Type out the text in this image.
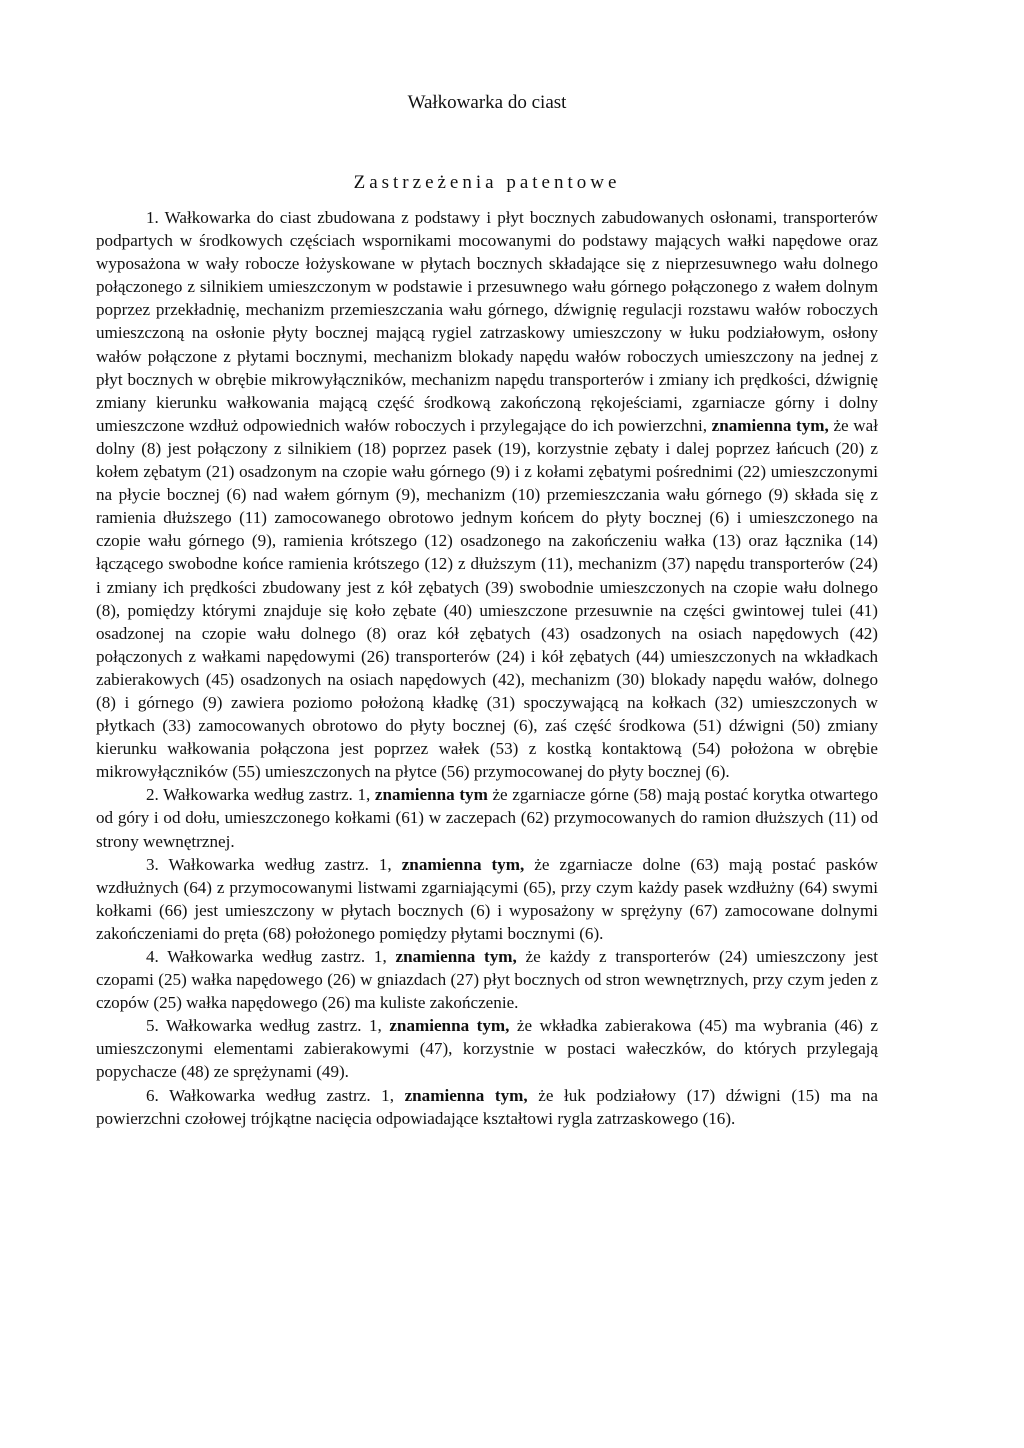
Wałkowarka do ciast
Zastrzeżenia patentowe

1. Wałkowarka do ciast zbudowana z podstawy i płyt bocznych zabudowanych osłonami, transporterów podpartych w środkowych częściach wspornikami mocowanymi do podstawy mających wałki napędowe oraz wyposażona w wały robocze łożyskowane w płytach bocznych składające się z nieprzesuwnego wału dolnego połączonego z silnikiem umieszczonym w podstawie i przesuwnego wału górnego połączonego z wałem dolnym poprzez przekładnię, mechanizm przemieszczania wału górnego, dźwignię regulacji rozstawu wałów roboczych umieszczoną na osłonie płyty bocznej mającą rygiel zatrzaskowy umieszczony w łuku podziałowym, osłony wałów połączone z płytami bocznymi, mechanizm blokady napędu wałów roboczych umieszczony na jednej z płyt bocznych w obrębie mikrowyłączników, mechanizm napędu transporterów i zmiany ich prędkości, dźwignię zmiany kierunku wałkowania mającą część środkową zakończoną rękojeściami, zgarniacze górny i dolny umieszczone wzdłuż odpowiednich wałów roboczych i przylegające do ich powierzchni, znamienna tym, że wał dolny (8) jest połączony z silnikiem (18) poprzez pasek (19), korzystnie zębaty i dalej poprzez łańcuch (20) z kołem zębatym (21) osadzonym na czopie wału górnego (9) i z kołami zębatymi pośrednimi (22) umieszczonymi na płycie bocznej (6) nad wałem górnym (9), mechanizm (10) przemieszczania wału górnego (9) składa się z ramienia dłuższego (11) zamocowanego obrotowo jednym końcem do płyty bocznej (6) i umieszczonego na czopie wału górnego (9), ramienia krótszego (12) osadzonego na zakończeniu wałka (13) oraz łącznika (14) łączącego swobodne końce ramienia krótszego (12) z dłuższym (11), mechanizm (37) napędu transporterów (24) i zmiany ich prędkości zbudowany jest z kół zębatych (39) swobodnie umieszczonych na czopie wału dolnego (8), pomiędzy którymi znajduje się koło zębate (40) umieszczone przesuwnie na części gwintowej tulei (41) osadzonej na czopie wału dolnego (8) oraz kół zębatych (43) osadzonych na osiach napędowych (42) połączonych z wałkami napędowymi (26) transporterów (24) i kół zębatych (44) umieszczonych na wkładkach zabierakowych (45) osadzonych na osiach napędowych (42), mechanizm (30) blokady napędu wałów, dolnego (8) i górnego (9) zawiera poziomo położoną kładkę (31) spoczywającą na kołkach (32) umieszczonych w płytkach (33) zamocowanych obrotowo do płyty bocznej (6), zaś część środkowa (51) dźwigni (50) zmiany kierunku wałkowania połączona jest poprzez wałek (53) z kostką kontaktową (54) położona w obrębie mikrowyłączników (55) umieszczonych na płytce (56) przymocowanej do płyty bocznej (6).

2. Wałkowarka według zastrz. 1, znamienna tym że zgarniacze górne (58) mają postać korytka otwartego od góry i od dołu, umieszczonego kołkami (61) w zaczepach (62) przymocowanych do ramion dłuższych (11) od strony wewnętrznej.

3. Wałkowarka według zastrz. 1, znamienna tym, że zgarniacze dolne (63) mają postać pasków wzdłużnych (64) z przymocowanymi listwami zgarniającymi (65), przy czym każdy pasek wzdłużny (64) swymi kołkami (66) jest umieszczony w płytach bocznych (6) i wyposażony w sprężyny (67) zamocowane dolnymi zakończeniami do pręta (68) położonego pomiędzy płytami bocznymi (6).

4. Wałkowarka według zastrz. 1, znamienna tym, że każdy z transporterów (24) umieszczony jest czopami (25) wałka napędowego (26) w gniazdach (27) płyt bocznych od stron wewnętrznych, przy czym jeden z czopów (25) wałka napędowego (26) ma kuliste zakończenie.

5. Wałkowarka według zastrz. 1, znamienna tym, że wkładka zabierakowa (45) ma wybrania (46) z umieszczonymi elementami zabierakowymi (47), korzystnie w postaci wałeczków, do których przylegają popychacze (48) ze sprężynami (49).

6. Wałkowarka według zastrz. 1, znamienna tym, że łuk podziałowy (17) dźwigni (15) ma na powierzchni czołowej trójkątne nacięcia odpowiadające kształtowi rygla zatrzaskowego (16).
